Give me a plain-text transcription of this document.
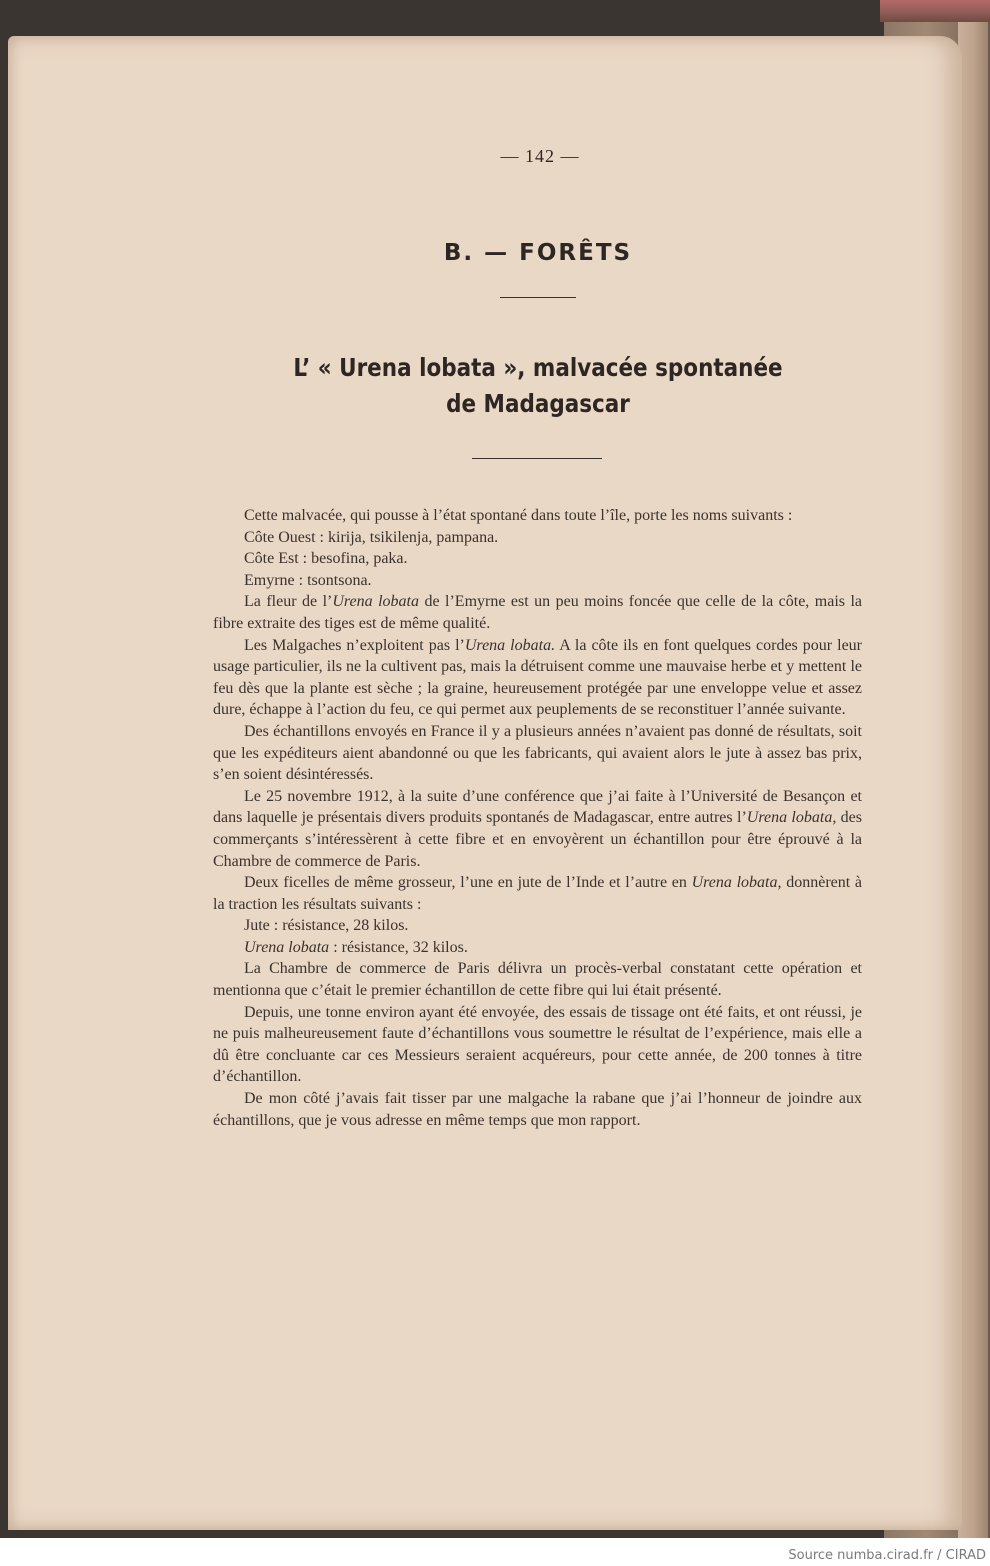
— 142 —
B. — FORÊTS
L’ « Urena lobata », malvacée spontanée
de Madagascar

Cette malvacée, qui pousse à l’état spontané dans toute l’île, porte les noms suivants :

Côte Ouest : kirija, tsikilenja, pampana.

Côte Est : besofina, paka.

Emyrne : tsontsona.

La fleur de l’Urena lobata de l’Emyrne est un peu moins foncée que celle de la côte, mais la fibre extraite des tiges est de même qualité.

Les Malgaches n’exploitent pas l’Urena lobata. A la côte ils en font quelques cordes pour leur usage particulier, ils ne la cultivent pas, mais la détruisent comme une mauvaise herbe et y mettent le feu dès que la plante est sèche ; la graine, heureusement protégée par une enveloppe velue et assez dure, échappe à l’action du feu, ce qui permet aux peuplements de se reconstituer l’année suivante.

Des échantillons envoyés en France il y a plusieurs années n’avaient pas donné de résultats, soit que les expéditeurs aient abandonné ou que les fabricants, qui avaient alors le jute à assez bas prix, s’en soient désintéressés.

Le 25 novembre 1912, à la suite d’une conférence que j’ai faite à l’Université de Besançon et dans laquelle je présentais divers produits spontanés de Madagascar, entre autres l’Urena lobata, des commerçants s’intéressèrent à cette fibre et en envoyèrent un échantillon pour être éprouvé à la Chambre de commerce de Paris.

Deux ficelles de même grosseur, l’une en jute de l’Inde et l’autre en Urena lobata, donnèrent à la traction les résultats suivants :

Jute : résistance, 28 kilos.

Urena lobata : résistance, 32 kilos.

La Chambre de commerce de Paris délivra un procès-verbal constatant cette opération et mentionna que c’était le premier échantillon de cette fibre qui lui était présenté.

Depuis, une tonne environ ayant été envoyée, des essais de tissage ont été faits, et ont réussi, je ne puis malheureusement faute d’échantillons vous soumettre le résultat de l’expérience, mais elle a dû être concluante car ces Messieurs seraient acquéreurs, pour cette année, de 200 tonnes à titre d’échantillon.

De mon côté j’avais fait tisser par une malgache la rabane que j’ai l’honneur de joindre aux échantillons, que je vous adresse en même temps que mon rapport.

Source numba.cirad.fr / CIRAD
